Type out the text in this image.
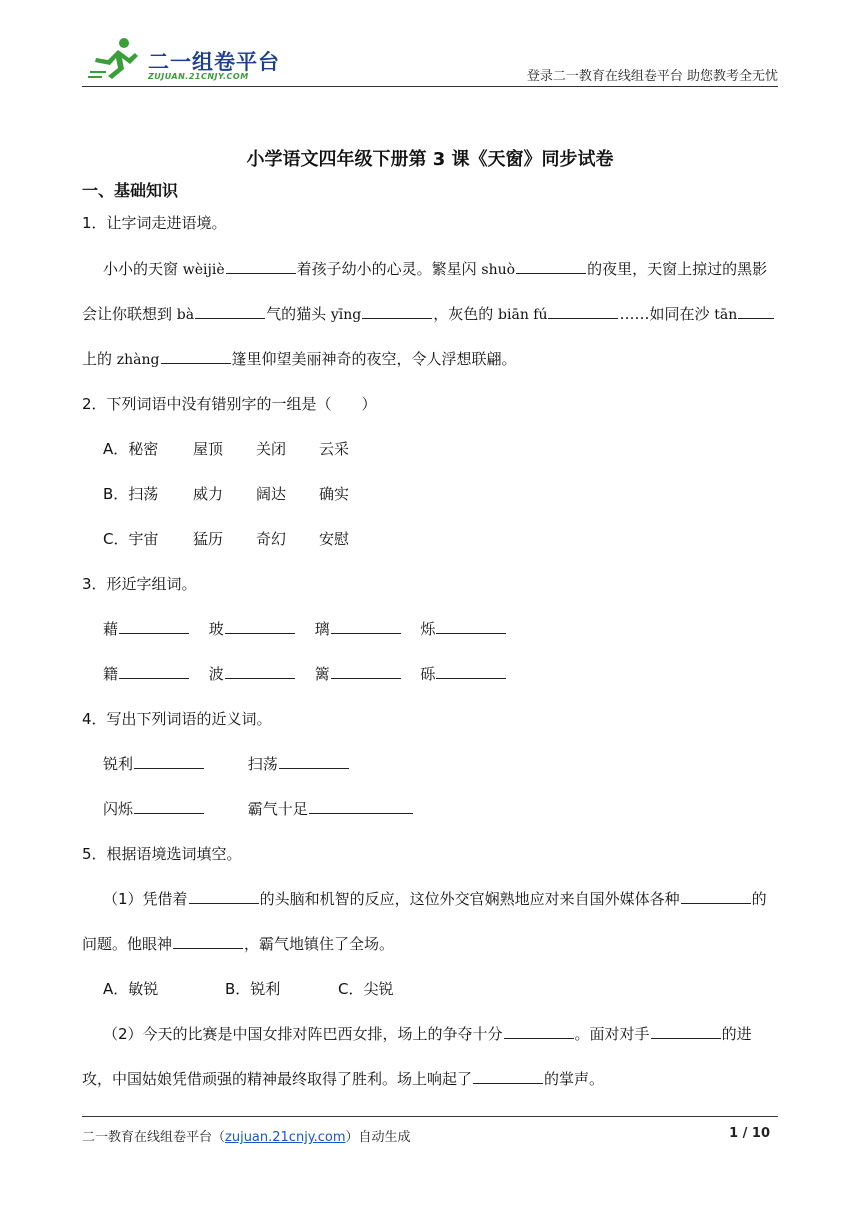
二一组卷平台
ZUJUAN.21CNJY.COM	登录二一教育在线组卷平台 助您教考全无忧
小学语文四年级下册第 3 课《天窗》同步试卷
一、基础知识
1．让字词走进语境。
小小的天窗 wèijiè	着孩子幼小的心灵。繁星闪 shuò	的夜里，天窗上掠过的黑影
会让你联想到 bà	气的猫头 yīng	，灰色的 biān fú	……如同在沙 tān
上的 zhàng	篷里仰望美丽神奇的夜空，令人浮想联翩。
2．下列词语中没有错别字的一组是（　　）
A．秘密 屋顶 关闭 云采
B．扫荡 威力 阔达 确实
C．宇宙 猛历 奇幻 安慰
3．形近字组词。
藉	玻	璃	烁
籍	波	篱	砾
4．写出下列词语的近义词。
锐利	扫荡
闪烁	霸气十足
5．根据语境选词填空。
（1）凭借着	的头脑和机智的反应，这位外交官娴熟地应对来自国外媒体各种	的
问题。他眼神	，霸气地镇住了全场。
A．敏锐	B．锐利	C．尖锐
（2）今天的比赛是中国女排对阵巴西女排，场上的争夺十分	。面对对手	的进
攻，中国姑娘凭借顽强的精神最终取得了胜利。场上响起了	的掌声。
二一教育在线组卷平台（zujuan.21cnjy.com）自动生成	1 / 10
